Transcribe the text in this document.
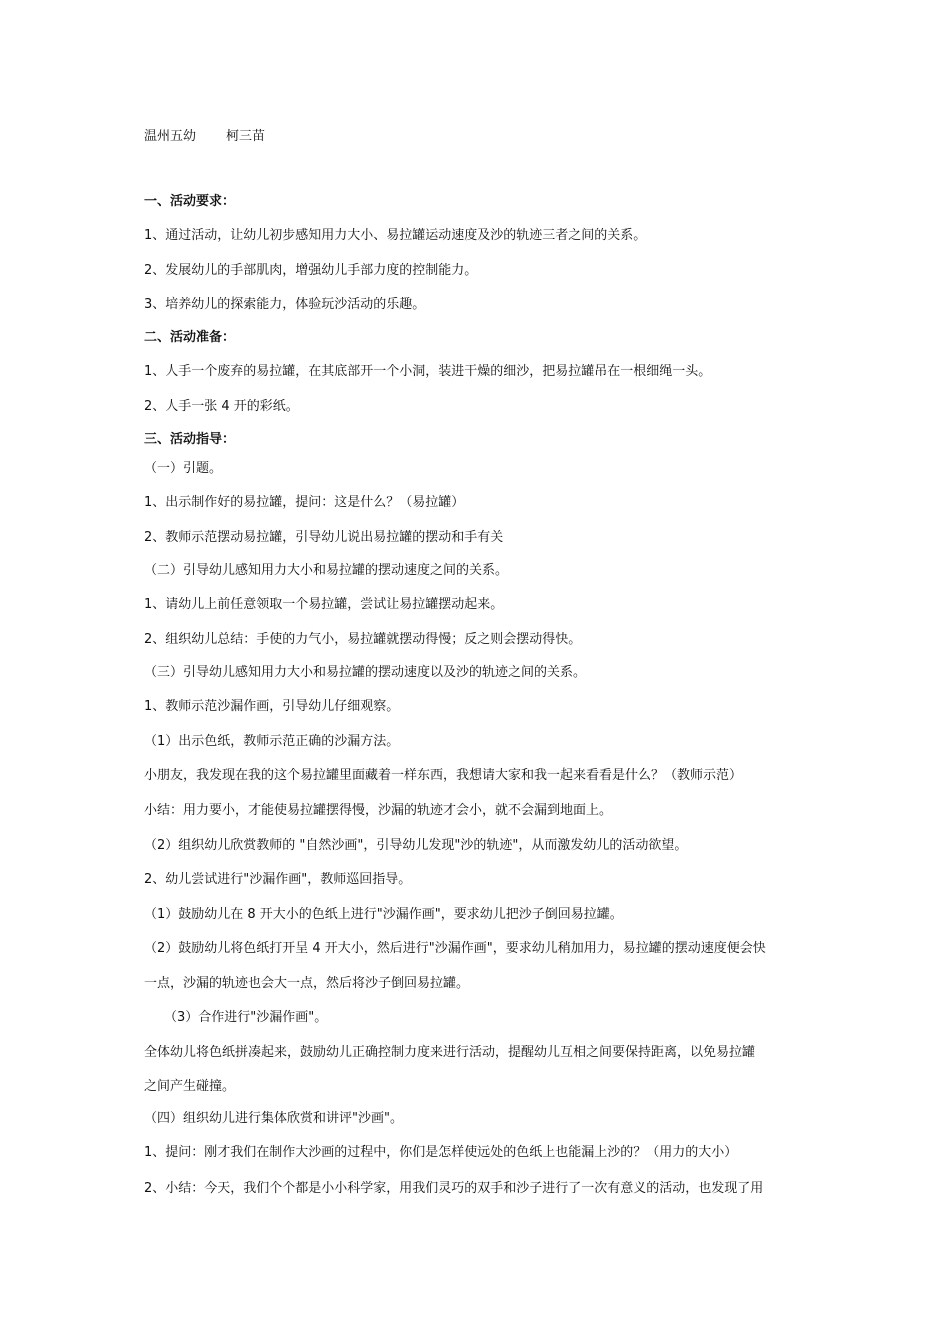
温州五幼 柯三苗

一、活动要求：

1、通过活动，让幼儿初步感知用力大小、易拉罐运动速度及沙的轨迹三者之间的关系。

2、发展幼儿的手部肌肉，增强幼儿手部力度的控制能力。

3、培养幼儿的探索能力，体验玩沙活动的乐趣。

二、活动准备：

1、人手一个废弃的易拉罐，在其底部开一个小洞，装进干燥的细沙，把易拉罐吊在一根细绳一头。

2、人手一张 4 开的彩纸。

三、活动指导：

（一）引题。

1、出示制作好的易拉罐，提问：这是什么？（易拉罐）

2、教师示范摆动易拉罐，引导幼儿说出易拉罐的摆动和手有关

（二）引导幼儿感知用力大小和易拉罐的摆动速度之间的关系。

1、请幼儿上前任意领取一个易拉罐，尝试让易拉罐摆动起来。

2、组织幼儿总结：手使的力气小，易拉罐就摆动得慢；反之则会摆动得快。

（三）引导幼儿感知用力大小和易拉罐的摆动速度以及沙的轨迹之间的关系。

1、教师示范沙漏作画，引导幼儿仔细观察。

（1）出示色纸，教师示范正确的沙漏方法。

小朋友，我发现在我的这个易拉罐里面藏着一样东西，我想请大家和我一起来看看是什么？（教师示范）

小结：用力要小，才能使易拉罐摆得慢，沙漏的轨迹才会小，就不会漏到地面上。

（2）组织幼儿欣赏教师的 "自然沙画"，引导幼儿发现"沙的轨迹"，从而激发幼儿的活动欲望。

2、幼儿尝试进行"沙漏作画"，教师巡回指导。

（1）鼓励幼儿在 8 开大小的色纸上进行"沙漏作画"，要求幼儿把沙子倒回易拉罐。

（2）鼓励幼儿将色纸打开呈 4 开大小，然后进行"沙漏作画"，要求幼儿稍加用力，易拉罐的摆动速度便会快

一点，沙漏的轨迹也会大一点，然后将沙子倒回易拉罐。

（3）合作进行"沙漏作画"。

全体幼儿将色纸拼凑起来，鼓励幼儿正确控制力度来进行活动，提醒幼儿互相之间要保持距离，以免易拉罐

之间产生碰撞。

（四）组织幼儿进行集体欣赏和讲评"沙画"。

1、提问：刚才我们在制作大沙画的过程中，你们是怎样使远处的色纸上也能漏上沙的？（用力的大小）

2、小结：今天，我们个个都是小小科学家，用我们灵巧的双手和沙子进行了一次有意义的活动，也发现了用
